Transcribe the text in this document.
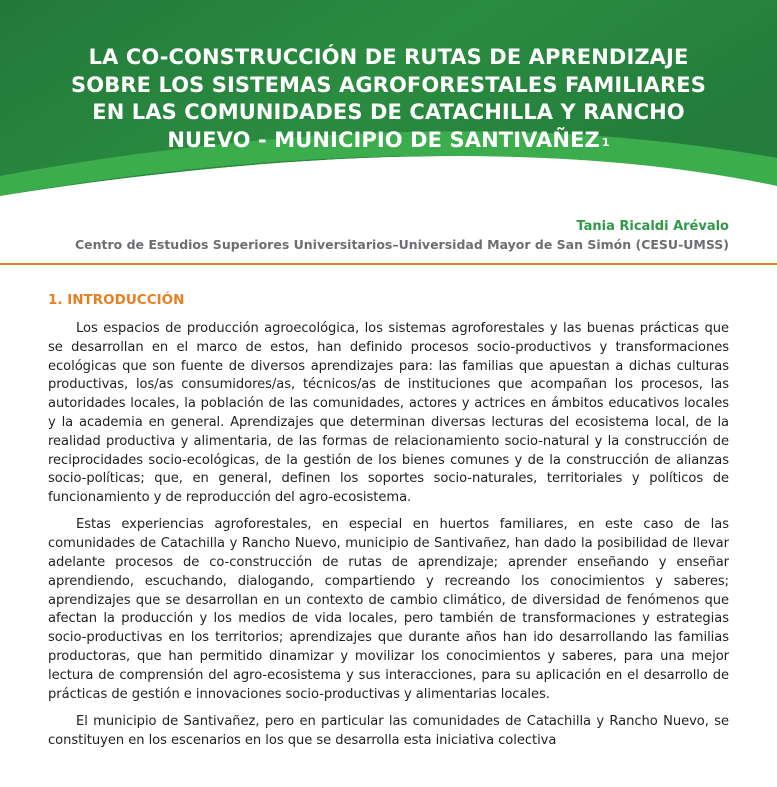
LA CO-CONSTRUCCIÓN DE RUTAS DE APRENDIZAJE
SOBRE LOS SISTEMAS AGROFORESTALES FAMILIARES
EN LAS COMUNIDADES DE CATACHILLA Y RANCHO
NUEVO - MUNICIPIO DE SANTIVAÑEZ $^1$

Tania Ricaldi Arévalo

Centro de Estudios Superiores Universitarios–Universidad Mayor de San Simón (CESU-UMSS)

1. INTRODUCCIÓN

Los espacios de producción agroecológica, los sistemas agroforestales y las buenas prácticas que se desarrollan en el marco de estos, han definido procesos socio-productivos y transformaciones ecológicas que son fuente de diversos aprendizajes para: las familias que apuestan a dichas culturas productivas, los/as consumidores/as, técnicos/as de instituciones que acompañan los procesos, las autoridades locales, la población de las comunidades, actores y actrices en ámbitos educativos locales y la academia en general. Aprendizajes que determinan diversas lecturas del ecosistema local, de la realidad productiva y alimentaria, de las formas de relacionamiento socio-natural y la construcción de reciprocidades socio-ecológicas, de la gestión de los bienes comunes y de la construcción de alianzas socio-políticas; que, en general, definen los soportes socio-naturales, territoriales y políticos de funcionamiento y de reproducción del agro-ecosistema.

Estas experiencias agroforestales, en especial en huertos familiares, en este caso de las comunidades de Catachilla y Rancho Nuevo, municipio de Santivañez, han dado la posibilidad de llevar adelante procesos de co-construcción de rutas de aprendizaje; aprender enseñando y enseñar aprendiendo, escuchando, dialogando, compartiendo y recreando los conocimientos y saberes; aprendizajes que se desarrollan en un contexto de cambio climático, de diversidad de fenómenos que afectan la producción y los medios de vida locales, pero también de transformaciones y estrategias socio-productivas en los territorios; aprendizajes que durante años han ido desarrollando las familias productoras, que han permitido dinamizar y movilizar los conocimientos y saberes, para una mejor lectura de comprensión del agro-ecosistema y sus interacciones, para su aplicación en el desarrollo de prácticas de gestión e innovaciones socio-productivas y alimentarias locales.

El municipio de Santivañez, pero en particular las comunidades de Catachilla y Rancho Nuevo, se constituyen en los escenarios en los que se desarrolla esta iniciativa colectiva
